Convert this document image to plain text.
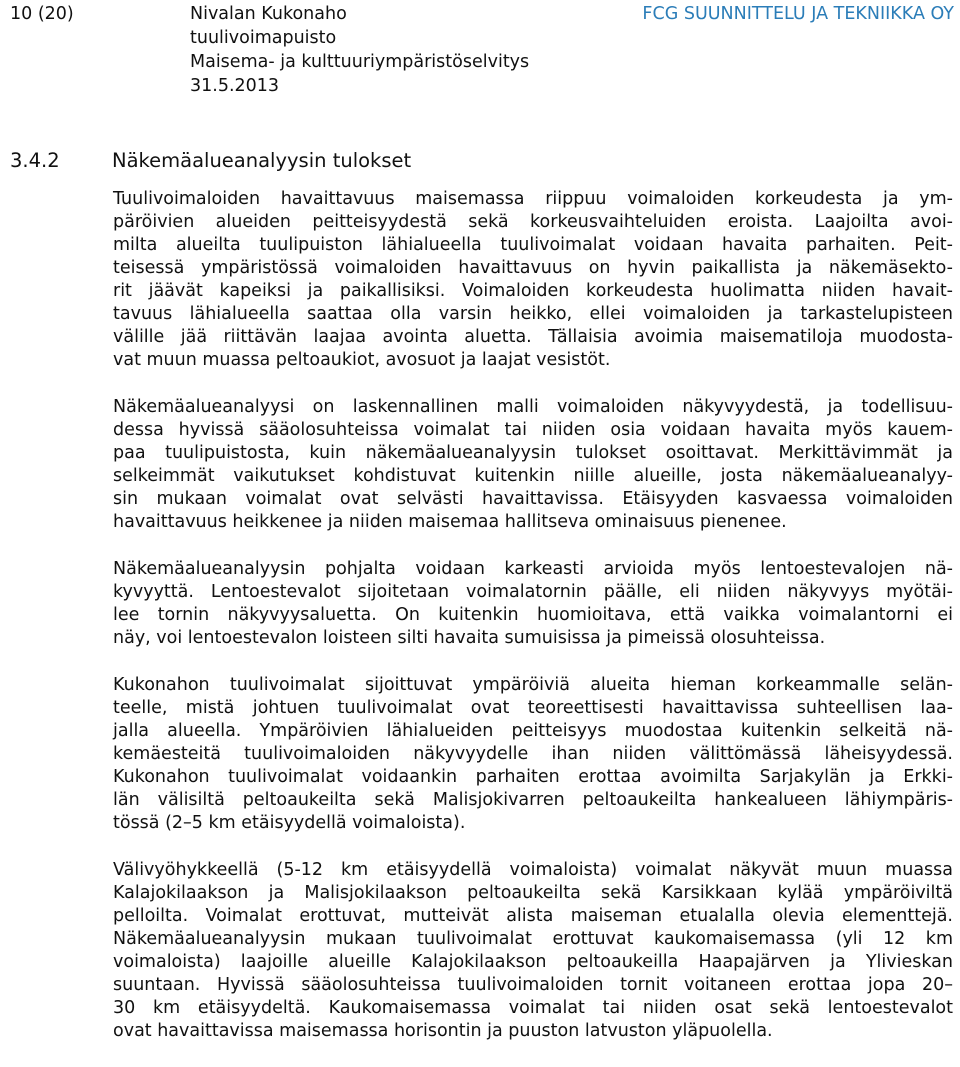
10 (20)	Nivalan Kukonaho
tuulivoimapuisto
Maisema- ja kulttuuriympäristöselvitys
31.5.2013
FCG SUUNNITTELU JA TEKNIIKKA OY
3.4.2	Näkemäalueanalyysin tulokset
Tuulivoimaloiden havaittavuus maisemassa riippuu voimaloiden korkeudesta ja ym-
päröivien alueiden peitteisyydestä sekä korkeusvaihteluiden eroista. Laajoilta avoi-
milta alueilta tuulipuiston lähialueella tuulivoimalat voidaan havaita parhaiten. Peit-
teisessä ympäristössä voimaloiden havaittavuus on hyvin paikallista ja näkemäsekto-
rit jäävät kapeiksi ja paikallisiksi. Voimaloiden korkeudesta huolimatta niiden havait-
tavuus lähialueella saattaa olla varsin heikko, ellei voimaloiden ja tarkastelupisteen
välille jää riittävän laajaa avointa aluetta. Tällaisia avoimia maisematiloja muodosta-
vat muun muassa peltoaukiot, avosuot ja laajat vesistöt.
Näkemäalueanalyysi on laskennallinen malli voimaloiden näkyvyydestä, ja todellisuu-
dessa hyvissä sääolosuhteissa voimalat tai niiden osia voidaan havaita myös kauem-
paa tuulipuistosta, kuin näkemäalueanalyysin tulokset osoittavat. Merkittävimmät ja
selkeimmät vaikutukset kohdistuvat kuitenkin niille alueille, josta näkemäalueanalyy-
sin mukaan voimalat ovat selvästi havaittavissa. Etäisyyden kasvaessa voimaloiden
havaittavuus heikkenee ja niiden maisemaa hallitseva ominaisuus pienenee.
Näkemäalueanalyysin pohjalta voidaan karkeasti arvioida myös lentoestevalojen nä-
kyvyyttä. Lentoestevalot sijoitetaan voimalatornin päälle, eli niiden näkyvyys myötäi-
lee tornin näkyvyysaluetta. On kuitenkin huomioitava, että vaikka voimalantorni ei
näy, voi lentoestevalon loisteen silti havaita sumuisissa ja pimeissä olosuhteissa.
Kukonahon tuulivoimalat sijoittuvat ympäröiviä alueita hieman korkeammalle selän-
teelle, mistä johtuen tuulivoimalat ovat teoreettisesti havaittavissa suhteellisen laa-
jalla alueella. Ympäröivien lähialueiden peitteisyys muodostaa kuitenkin selkeitä nä-
kemäesteitä tuulivoimaloiden näkyvyydelle ihan niiden välittömässä läheisyydessä.
Kukonahon tuulivoimalat voidaankin parhaiten erottaa avoimilta Sarjakylän ja Erkki-
län välisiltä peltoaukeilta sekä Malisjokivarren peltoaukeilta hankealueen lähiympäris-
tössä (2–5 km etäisyydellä voimaloista).
Välivyöhykkeellä (5-12 km etäisyydellä voimaloista) voimalat näkyvät muun muassa
Kalajokilaakson ja Malisjokilaakson peltoaukeilta sekä Karsikkaan kylää ympäröiviltä
pelloilta. Voimalat erottuvat, mutteivät alista maiseman etualalla olevia elementtejä.
Näkemäalueanalyysin mukaan tuulivoimalat erottuvat kaukomaisemassa (yli 12 km
voimaloista) laajoille alueille Kalajokilaakson peltoaukeilla Haapajärven ja Ylivieskan
suuntaan. Hyvissä sääolosuhteissa tuulivoimaloiden tornit voitaneen erottaa jopa 20–
30 km etäisyydeltä. Kaukomaisemassa voimalat tai niiden osat sekä lentoestevalot
ovat havaittavissa maisemassa horisontin ja puuston latvuston yläpuolella.
